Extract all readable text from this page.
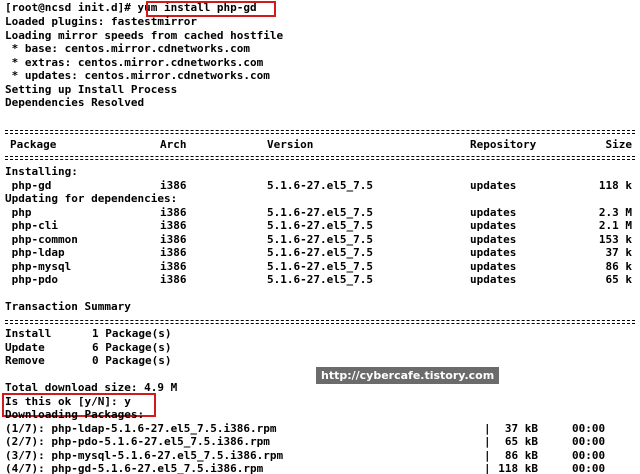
[root@ncsd init.d]# yum install php-gd
Loaded plugins: fastestmirror
Loading mirror speeds from cached hostfile
* base: centos.mirror.cdnetworks.com
* extras: centos.mirror.cdnetworks.com
* updates: centos.mirror.cdnetworks.com
Setting up Install Process
Dependencies Resolved
Package	Arch	Version	Repository	Size
Installing:
php-gd	i386	5.1.6-27.el5_7.5	updates	118 k
Updating for dependencies:
php	i386	5.1.6-27.el5_7.5	updates	2.3 M
php-cli	i386	5.1.6-27.el5_7.5	updates	2.1 M
php-common	i386	5.1.6-27.el5_7.5	updates	153 k
php-ldap	i386	5.1.6-27.el5_7.5	updates	37 k
php-mysql	i386	5.1.6-27.el5_7.5	updates	86 k
php-pdo	i386	5.1.6-27.el5_7.5	updates	65 k
Transaction Summary
Install	1 Package(s)
Update	6 Package(s)
Remove	0 Package(s)
http://cybercafe.tistory.com
Total download size: 4.9 M
Is this ok [y/N]: y
Downloading Packages:
(1/7): php-ldap-5.1.6-27.el5_7.5.i386.rpm	|	37 kB	00:00
(2/7): php-pdo-5.1.6-27.el5_7.5.i386.rpm	|	65 kB	00:00
(3/7): php-mysql-5.1.6-27.el5_7.5.i386.rpm	|	86 kB	00:00
(4/7): php-gd-5.1.6-27.el5_7.5.i386.rpm	| 118 kB	00:00
